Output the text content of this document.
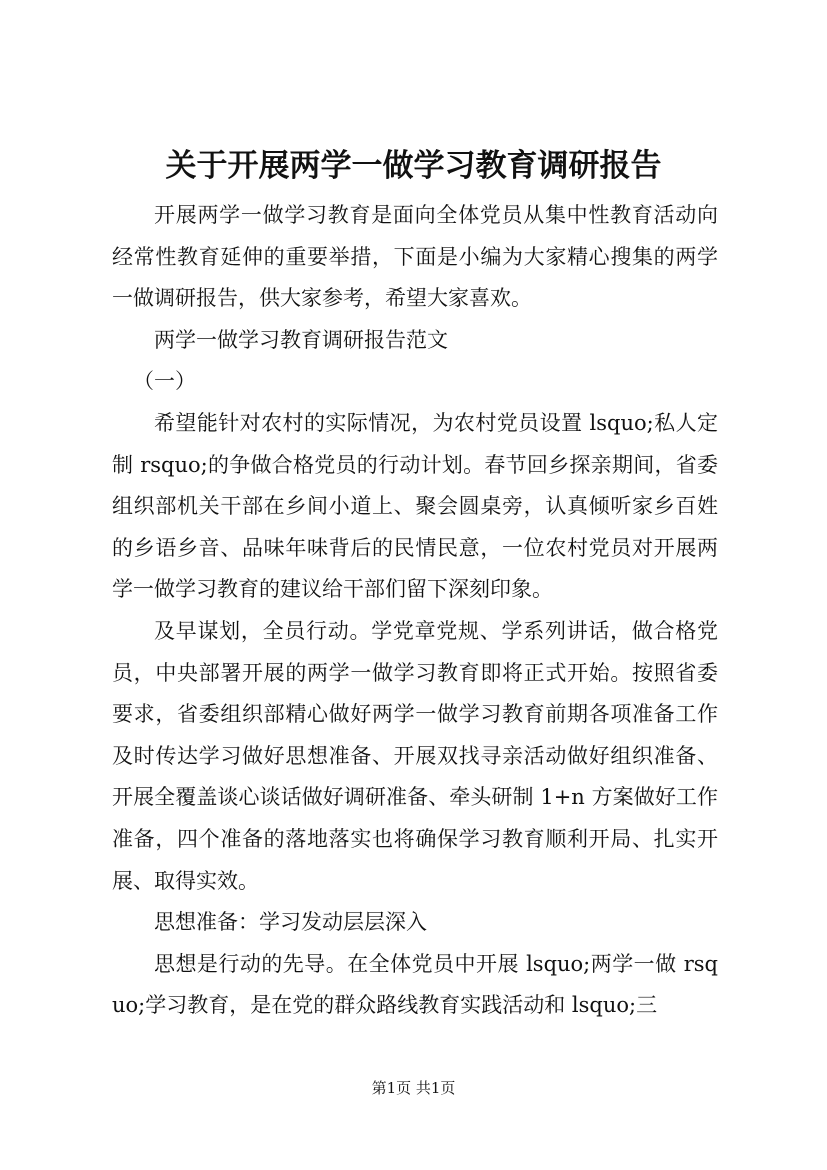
关于开展两学一做学习教育调研报告

开展两学一做学习教育是面向全体党员从集中性教育活动向经常性教育延伸的重要举措，下面是小编为大家精心搜集的两学一做调研报告，供大家参考，希望大家喜欢。

两学一做学习教育调研报告范文

（一）

希望能针对农村的实际情况，为农村党员设置 lsquo;私人定制 rsquo;的争做合格党员的行动计划。春节回乡探亲期间，省委组织部机关干部在乡间小道上、聚会圆桌旁，认真倾听家乡百姓的乡语乡音、品味年味背后的民情民意，一位农村党员对开展两学一做学习教育的建议给干部们留下深刻印象。

及早谋划，全员行动。学党章党规、学系列讲话，做合格党员，中央部署开展的两学一做学习教育即将正式开始。按照省委要求，省委组织部精心做好两学一做学习教育前期各项准备工作及时传达学习做好思想准备、开展双找寻亲活动做好组织准备、开展全覆盖谈心谈话做好调研准备、牵头研制 1+n 方案做好工作准备，四个准备的落地落实也将确保学习教育顺利开局、扎实开展、取得实效。

思想准备：学习发动层层深入

思想是行动的先导。在全体党员中开展 lsquo;两学一做 rsquo;学习教育，是在党的群众路线教育实践活动和 lsquo;三

第1页 共1页
